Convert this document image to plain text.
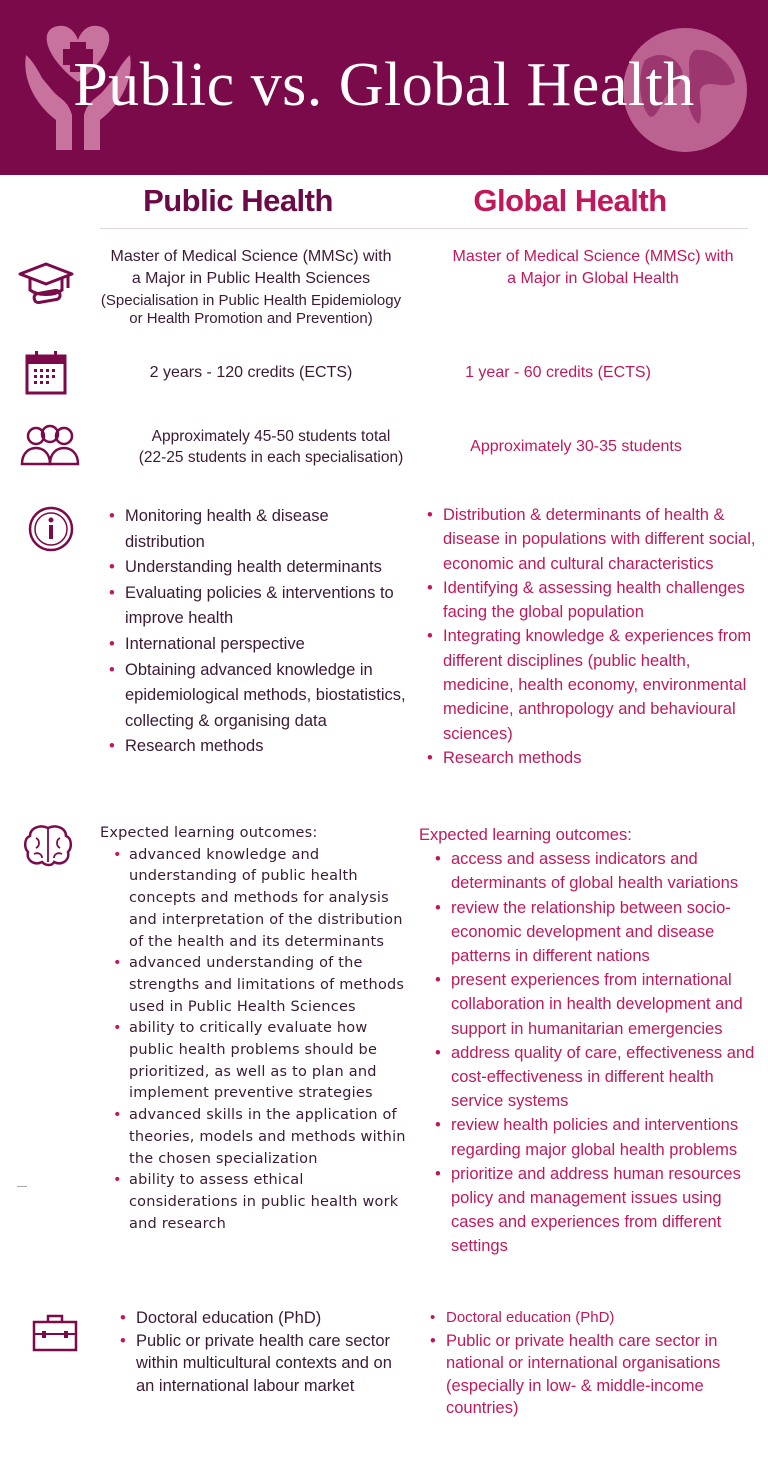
Public vs. Global Health
Public Health	Global Health
Master of Medical Science (MMSc) with
a Major in Public Health Sciences
(Specialisation in Public Health Epidemiology
or Health Promotion and Prevention)
Master of Medical Science (MMSc) with
a Major in Global Health
2 years - 120 credits (ECTS)	1 year - 60 credits (ECTS)
Approximately 45-50 students total
(22-25 students in each specialisation)
Approximately 30-35 students
• Monitoring health & disease distribution
• Understanding health determinants
• Evaluating policies & interventions to improve health
• International perspective
• Obtaining advanced knowledge in epidemiological methods, biostatistics, collecting & organising data
• Research methods
• Distribution & determinants of health & disease in populations with different social, economic and cultural characteristics
• Identifying & assessing health challenges facing the global population
• Integrating knowledge & experiences from different disciplines (public health, medicine, health economy, environmental medicine, anthropology and behavioural sciences)
• Research methods
Expected learning outcomes:
• advanced knowledge and understanding of public health concepts and methods for analysis and interpretation of the distribution of the health and its determinants
• advanced understanding of the strengths and limitations of methods used in Public Health Sciences
• ability to critically evaluate how public health problems should be prioritized, as well as to plan and implement preventive strategies
• advanced skills in the application of theories, models and methods within the chosen specialization
• ability to assess ethical considerations in public health work and research
Expected learning outcomes:
• access and assess indicators and determinants of global health variations
• review the relationship between socio-economic development and disease patterns in different nations
• present experiences from international collaboration in health development and support in humanitarian emergencies
• address quality of care, effectiveness and cost-effectiveness in different health service systems
• review health policies and interventions regarding major global health problems
• prioritize and address human resources policy and management issues using cases and experiences from different settings
• Doctoral education (PhD)
• Public or private health care sector within multicultural contexts and on an international labour market
• Doctoral education (PhD)
• Public or private health care sector in national or international organisations (especially in low- & middle-income countries)
